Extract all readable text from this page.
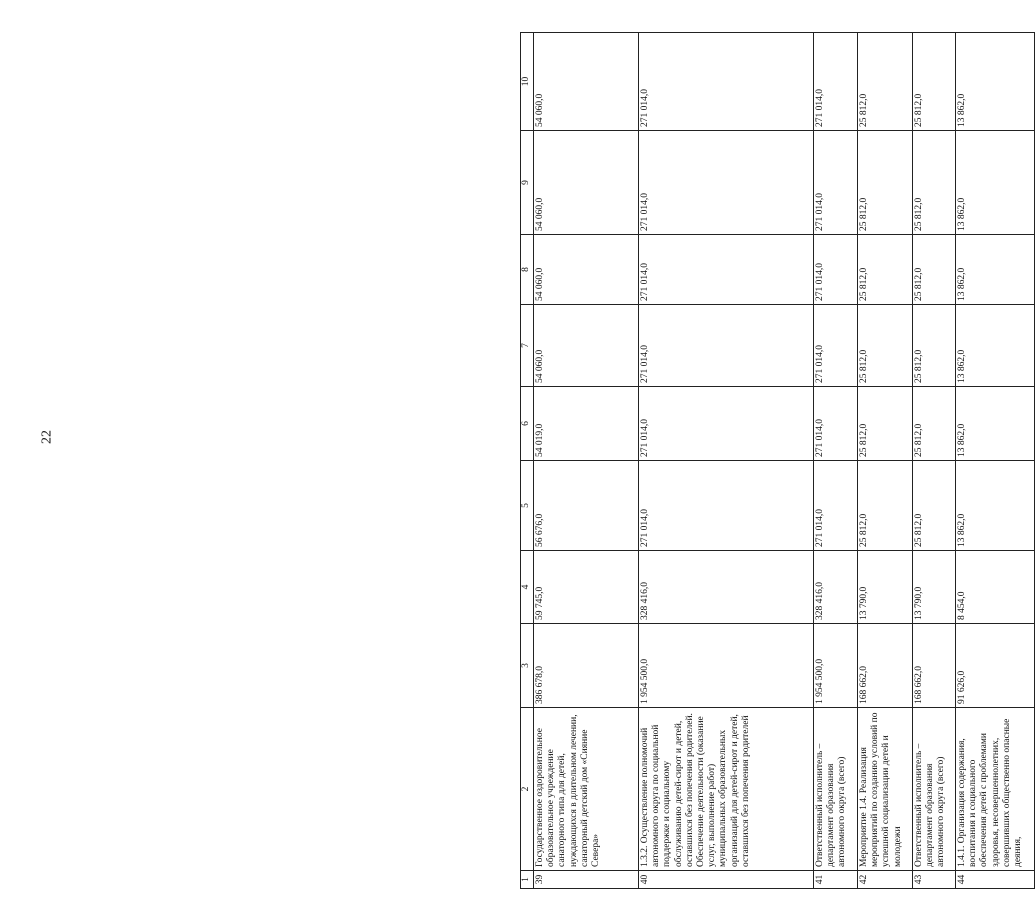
22
1	2	3	4	5	6	7	8	9	10
39	Государственное оздоровительное образовательное учреждение санаторного типа для детей, нуждающихся в длительном лечении, санаторный детский дом «Сияние Севера»	386 678,0	59 745,0	56 676,0	54 019,0	54 060,0	54 060,0	54 060,0	54 060,0
40	1.3.2. Осуществление полномочий автономного округа по социальной поддержке и социальному обслуживанию детей-сирот и детей, оставшихся без попечения родителей. Обеспечение деятельности (оказание услуг, выполнение работ) муниципальных образовательных организаций для детей-сирот и детей, оставшихся без попечения родителей	1 954 500,0	328 416,0	271 014,0	271 014,0	271 014,0	271 014,0	271 014,0	271 014,0
41	Ответственный исполнитель – департамент образования автономного округа (всего)	1 954 500,0	328 416,0	271 014,0	271 014,0	271 014,0	271 014,0	271 014,0	271 014,0
42	Мероприятие 1.4. Реализация мероприятий по созданию условий по успешной социализации детей и молодежи	168 662,0	13 790,0	25 812,0	25 812,0	25 812,0	25 812,0	25 812,0	25 812,0
43	Ответственный исполнитель – департамент образования автономного округа (всего)	168 662,0	13 790,0	25 812,0	25 812,0	25 812,0	25 812,0	25 812,0	25 812,0
44	1.4.1. Организация содержания, воспитания и социального обеспечения детей с проблемами здоровья, несовершеннолетних, совершивших общественно опасные деяния,	91 626,0	8 454,0	13 862,0	13 862,0	13 862,0	13 862,0	13 862,0	13 862,0
